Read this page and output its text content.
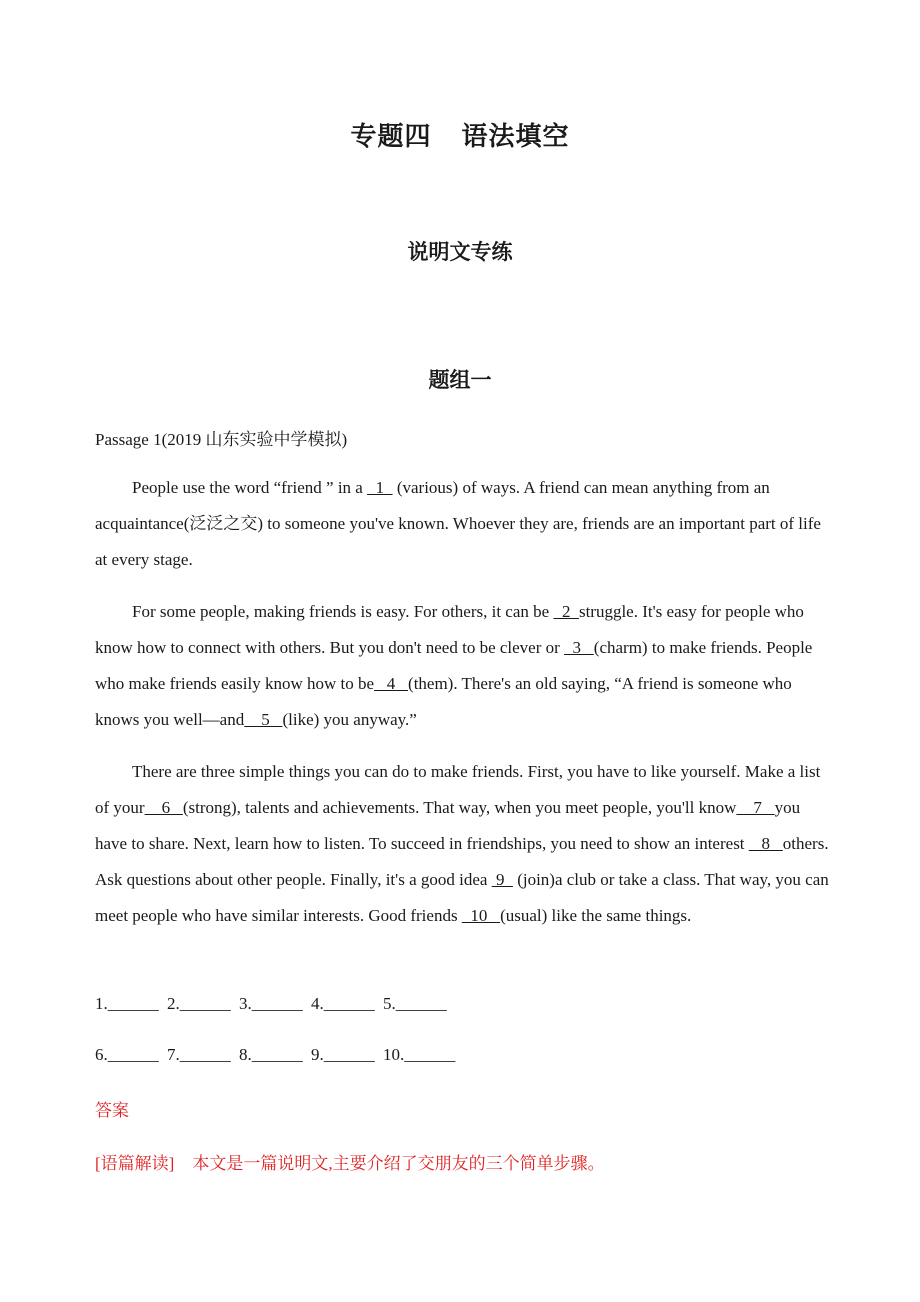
专题四 语法填空
说明文专练
题组一
Passage 1(2019 山东实验中学模拟)
People use the word “friend ” in a   1   (various) of ways. A friend can mean anything from an acquaintance(泛泛之交) to someone you've known. Whoever they are, friends are an important part of life at every stage.
For some people, making friends is easy. For others, it can be   2  struggle. It's easy for people who know how to connect with others. But you don't need to be clever or   3   (charm) to make friends. People who make friends easily know how to be   4   (them). There's an old saying, “A friend is someone who knows you well—and    5   (like) you anyway.”
There are three simple things you can do to make friends. First, you have to like yourself. Make a list of your    6   (strong), talents and achievements. That way, when you meet people, you'll know    7   you have to share. Next, learn how to listen. To succeed in friendships, you need to show an interest    8   others. Ask questions about other people. Finally, it's a good idea  9   (join)a club or take a class. That way, you can meet people who have similar interests. Good friends   10   (usual) like the same things.
1.______ 2.______ 3.______ 4.______ 5.______
6.______ 7.______ 8.______ 9.______ 10.______
答案
[语篇解读] 本文是一篇说明文,主要介绍了交朋友的三个简单步骤。
